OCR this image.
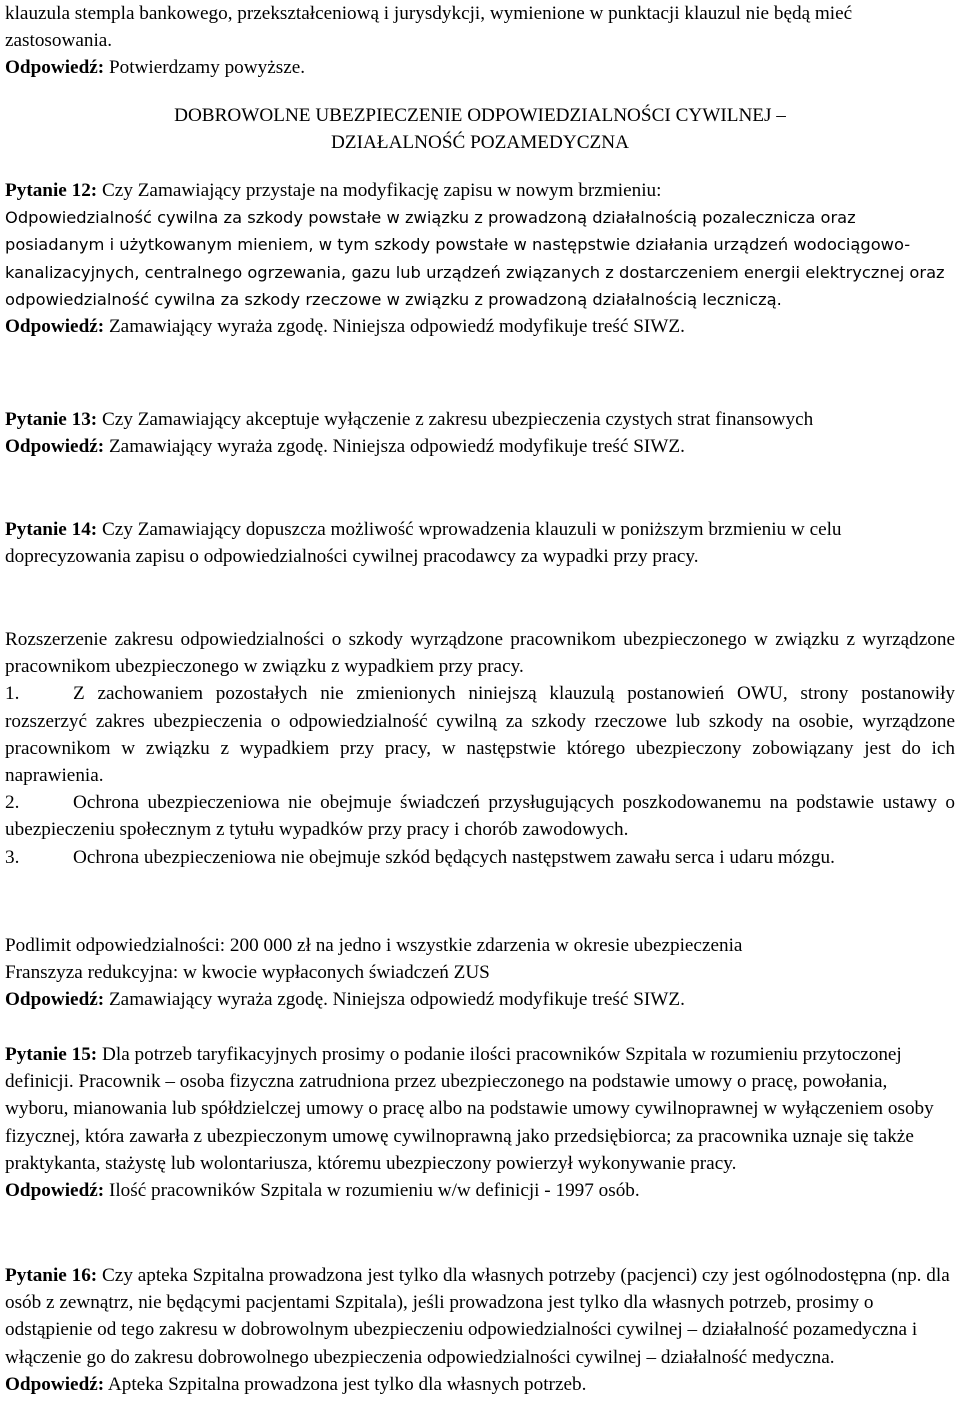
klauzula stempla bankowego, przekształceniową i jurysdykcji, wymienione w punktacji klauzul nie będą mieć zastosowania.

Odpowiedź: Potwierdzamy powyższe.

DOBROWOLNE UBEZPIECZENIE ODPOWIEDZIALNOŚCI CYWILNEJ –

DZIAŁALNOŚĆ POZAMEDYCZNA

Pytanie 12: Czy Zamawiający przystaje na modyfikację zapisu w nowym brzmieniu:

Odpowiedzialność cywilna za szkody powstałe w związku z prowadzoną działalnością pozalecznicza oraz posiadanym i użytkowanym mieniem, w tym szkody powstałe w następstwie działania urządzeń wodociągowo-kanalizacyjnych, centralnego ogrzewania, gazu lub urządzeń związanych z dostarczeniem energii elektrycznej oraz odpowiedzialność cywilna za szkody rzeczowe w związku z prowadzoną działalnością leczniczą.

Odpowiedź: Zamawiający wyraża zgodę. Niniejsza odpowiedź modyfikuje treść SIWZ.

Pytanie 13: Czy Zamawiający akceptuje wyłączenie z zakresu ubezpieczenia czystych strat finansowych

Odpowiedź: Zamawiający wyraża zgodę. Niniejsza odpowiedź modyfikuje treść SIWZ.

Pytanie 14: Czy Zamawiający dopuszcza możliwość wprowadzenia klauzuli w poniższym brzmieniu w celu doprecyzowania zapisu o odpowiedzialności cywilnej pracodawcy za wypadki przy pracy.

Rozszerzenie zakresu odpowiedzialności o szkody wyrządzone pracownikom ubezpieczonego w związku z wyrządzone pracownikom ubezpieczonego w związku z wypadkiem przy pracy.

1.	Z zachowaniem pozostałych nie zmienionych niniejszą klauzulą postanowień OWU, strony postanowiły rozszerzyć zakres ubezpieczenia o odpowiedzialność cywilną za szkody rzeczowe lub szkody na osobie, wyrządzone pracownikom w związku z wypadkiem przy pracy, w następstwie którego ubezpieczony zobowiązany jest do ich naprawienia.

2.	Ochrona ubezpieczeniowa nie obejmuje świadczeń przysługujących poszkodowanemu na podstawie ustawy o ubezpieczeniu społecznym z tytułu wypadków przy pracy i chorób zawodowych.

3.	Ochrona ubezpieczeniowa nie obejmuje szkód będących następstwem zawału serca i udaru mózgu.

Podlimit odpowiedzialności: 200 000 zł na jedno i wszystkie zdarzenia w okresie ubezpieczenia

Franszyza redukcyjna: w kwocie wypłaconych świadczeń ZUS

Odpowiedź: Zamawiający wyraża zgodę. Niniejsza odpowiedź modyfikuje treść SIWZ.

Pytanie 15: Dla potrzeb taryfikacyjnych prosimy o podanie ilości pracowników Szpitala w rozumieniu przytoczonej definicji. Pracownik – osoba fizyczna zatrudniona przez ubezpieczonego na podstawie umowy o pracę, powołania, wyboru, mianowania lub spółdzielczej umowy o pracę albo na podstawie umowy cywilnoprawnej w wyłączeniem osoby fizycznej, która zawarła z ubezpieczonym umowę cywilnoprawną jako przedsiębiorca; za pracownika uznaje się także praktykanta, stażystę lub wolontariusza, któremu ubezpieczony powierzył wykonywanie pracy.

Odpowiedź: Ilość pracowników Szpitala w rozumieniu w/w definicji - 1997 osób.

Pytanie 16: Czy apteka Szpitalna prowadzona jest tylko dla własnych potrzeby (pacjenci) czy jest ogólnodostępna (np. dla osób z zewnątrz, nie będącymi pacjentami Szpitala), jeśli prowadzona jest tylko dla własnych potrzeb, prosimy o odstąpienie od tego zakresu w dobrowolnym ubezpieczeniu odpowiedzialności cywilnej – działalność pozamedyczna i włączenie go do zakresu dobrowolnego ubezpieczenia odpowiedzialności cywilnej – działalność medyczna.

Odpowiedź: Apteka Szpitalna prowadzona jest tylko dla własnych potrzeb.
